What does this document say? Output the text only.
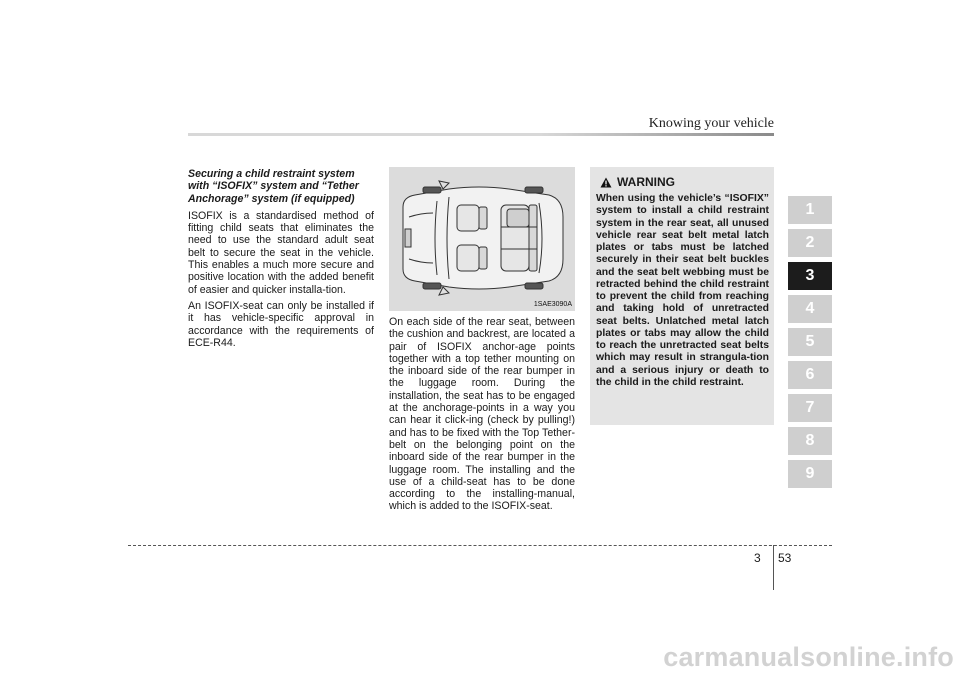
Knowing your vehicle
Securing a child restraint system with “ISOFIX” system and “Tether Anchorage” system (if equipped)

ISOFIX is a standardised method of fitting child seats that eliminates the need to use the standard adult seat belt to secure the seat in the vehicle. This enables a much more secure and positive location with the added benefit of easier and quicker installa-tion.

An ISOFIX-seat can only be installed if it has vehicle-specific approval in accordance with the requirements of ECE-R44.

1SAE3090A

On each side of the rear seat, between the cushion and backrest, are located a pair of ISOFIX anchor-age points together with a top tether mounting on the inboard side of the rear bumper in the luggage room. During the installation, the seat has to be engaged at the anchorage-points in a way you can hear it click-ing (check by pulling!) and has to be fixed with the Top Tether-belt on the belonging point on the inboard side of the rear bumper in the luggage room. The installing and the use of a child-seat has to be done according to the installing-manual, which is added to the ISOFIX-seat.

WARNING
When using the vehicle’s “ISOFIX” system to install a child restraint system in the rear seat, all unused vehicle rear seat belt metal latch plates or tabs must be latched securely in their seat belt buckles and the seat belt webbing must be retracted behind the child restraint to prevent the child from reaching and taking hold of unretracted seat belts. Unlatched metal latch plates or tabs may allow the child to reach the unretracted seat belts which may result in strangula-tion and a serious injury or death to the child in the child restraint.
1
2
3
4
5
6
7
8
9
3 53
carmanualsonline.info
